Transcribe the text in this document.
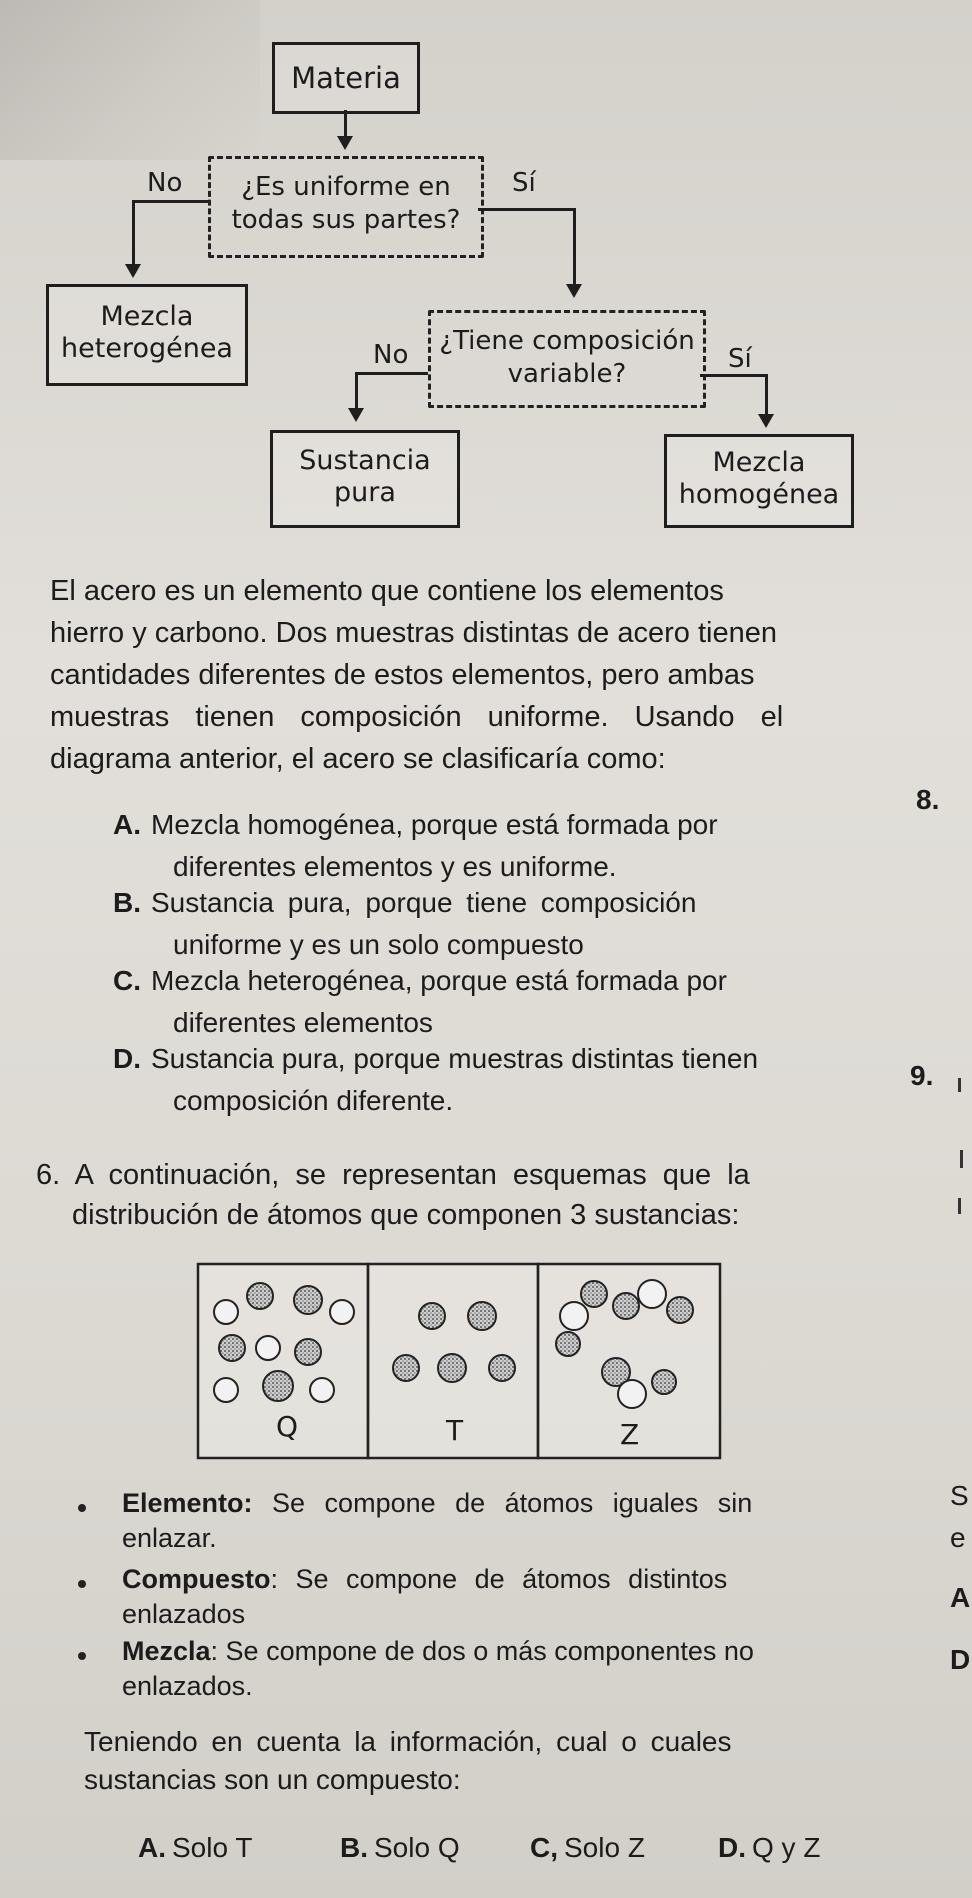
Materia
¿Es uniforme en
todas sus partes?
No	Sí
Mezcla
heterogénea	¿Tiene composición
variable?
No	Sí
Sustancia
pura
Mezcla
homogénea
El acero es un elemento que contiene los elementos
hierro y carbono. Dos muestras distintas de acero tienen
cantidades diferentes de estos elementos, pero ambas
muestras tienen composición uniforme. Usando el
diagrama anterior, el acero se clasificaría como:
A. Mezcla homogénea, porque está formada por
diferentes elementos y es uniforme.
B. Sustancia pura, porque tiene composición
uniforme y es un solo compuesto
C. Mezcla heterogénea, porque está formada por
diferentes elementos
D. Sustancia pura, porque muestras distintas tienen
composición diferente.
8.
9.
6. A continuación, se representan esquemas que la
distribución de átomos que componen 3 sustancias:
Q	T	Z
Elemento: Se compone de átomos iguales sin
enlazar.
Compuesto: Se compone de átomos distintos
enlazados
Mezcla: Se compone de dos o más componentes no
enlazados.
Teniendo en cuenta la información, cual o cuales
sustancias son un compuesto:
A. Solo T	B. Solo Q	C, Solo Z	D. Q y Z
S
e
A
D
